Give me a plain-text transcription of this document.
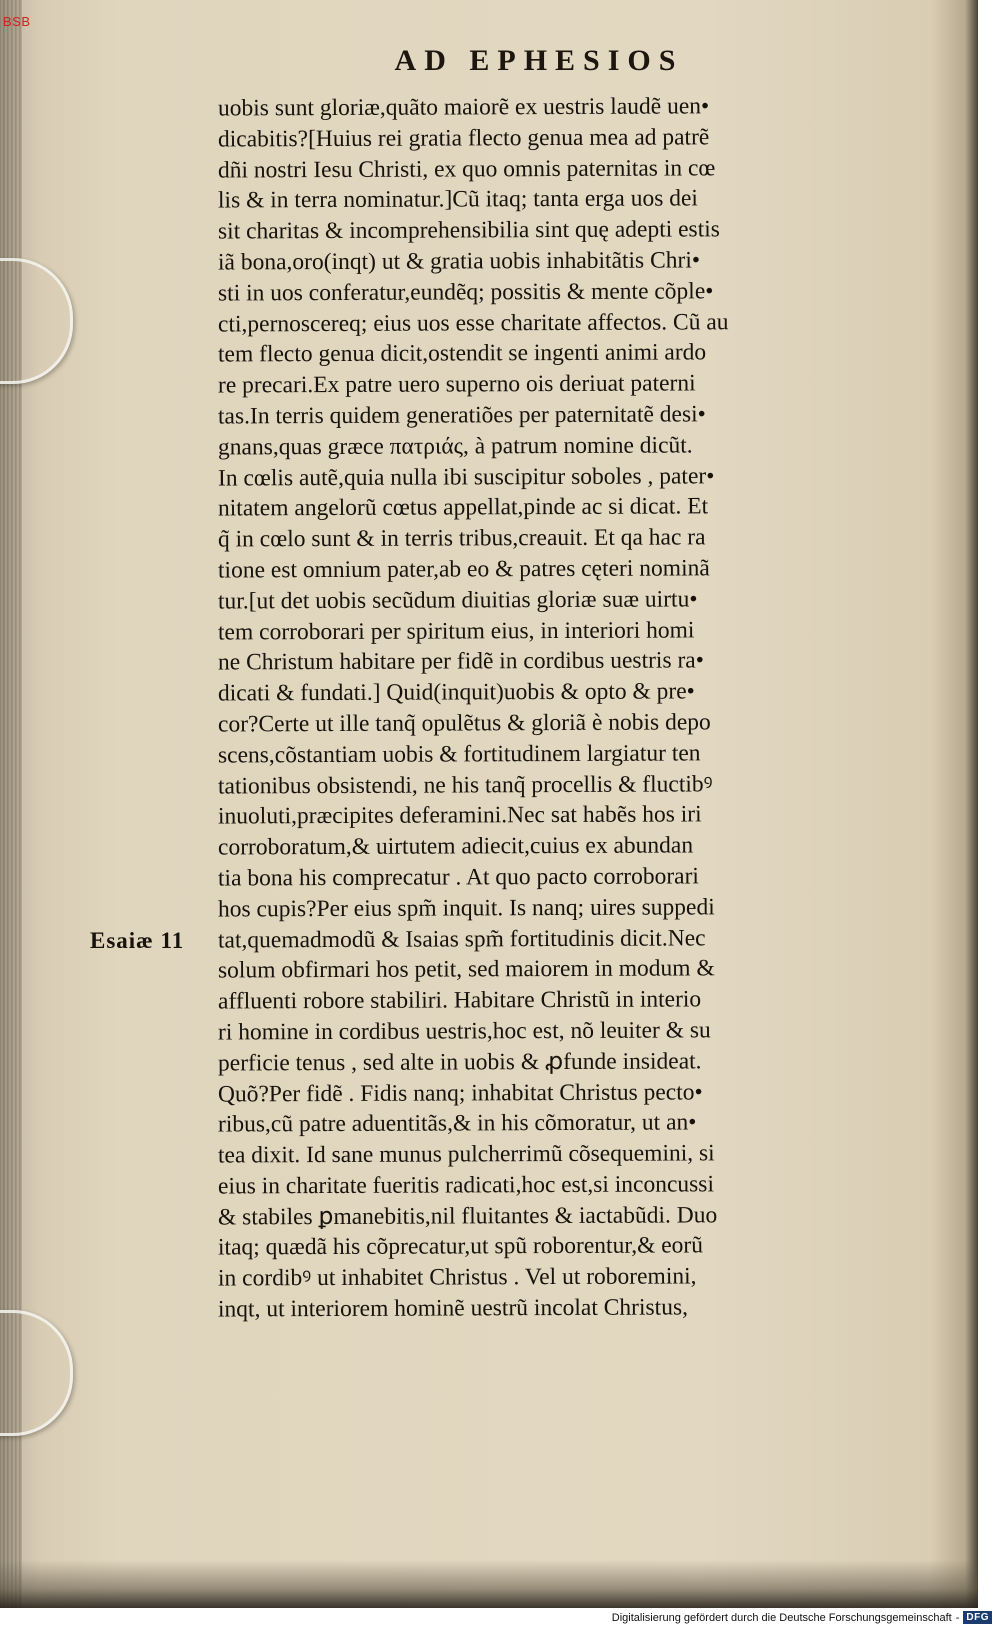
BSB
AD EPHESIOS
Esaiæ 11
uobis sunt gloriæ,quãto maiorẽ ex uestris laudẽ uen•
dicabitis?[Huius rei gratia flecto genua mea ad patrẽ
dñi nostri Iesu Christi, ex quo omnis paternitas in cœ
lis & in terra nominatur.]Cũ itaq; tanta erga uos dei
sit charitas & incomprehensibilia sint quę adepti estis
iã bona,oro(inqt) ut & gratia uobis inhabitãtis Chri•
sti in uos conferatur,eundẽq; possitis & mente cõple•
cti,pernoscereq; eius uos esse charitate affectos. Cũ au
tem flecto genua dicit,ostendit se ingenti animi ardo
re precari.Ex patre uero superno ois deriuat paterni
tas.In terris quidem generatiões per paternitatẽ desi•
gnans,quas græce πατριάς, à patrum nomine dicũt.
In cœlis autẽ,quia nulla ibi suscipitur soboles , pater•
nitatem angelorũ cœtus appellat,pinde ac si dicat. Et
q̃ in cœlo sunt & in terris tribus,creauit. Et qa hac ra
tione est omnium pater,ab eo & patres cęteri nominã
tur.[ut det uobis secũdum diuitias gloriæ suæ uirtu•
tem corroborari per spiritum eius, in interiori homi
ne Christum habitare per fidẽ in cordibus uestris ra•
dicati & fundati.] Quid(inquit)uobis & opto & pre•
cor?Certe ut ille tanq̃ opulẽtus & gloriã è nobis depo
scens,cõstantiam uobis & fortitudinem largiatur ten
tationibus obsistendi, ne his tanq̃ procellis & fluctibꝰ
inuoluti,præcipites deferamini.Nec sat habẽs hos iri
corroboratum,& uirtutem adiecit,cuius ex abundan
tia bona his comprecatur . At quo pacto corroborari
hos cupis?Per eius spm̃ inquit. Is nanq; uires suppedi
tat,quemadmodũ & Isaias spm̃ fortitudinis dicit.Nec
solum obfirmari hos petit, sed maiorem in modum &
affluenti robore stabiliri. Habitare Christũ in interio
ri homine in cordibus uestris,hoc est, nõ leuiter & su
perficie tenus , sed alte in uobis & ꝓfunde insideat.
Quõ?Per fidẽ . Fidis nanq; inhabitat Christus pecto•
ribus,cũ patre aduentitãs,& in his cõmoratur, ut an•
tea dixit. Id sane munus pulcherrimũ cõsequemini, si
eius in charitate fueritis radicati,hoc est,si inconcussi
& stabiles ꝑmanebitis,nil fluitantes & iactabũdi. Duo
itaq; quædã his cõprecatur,ut spũ roborentur,& eorũ
in cordibꝰ ut inhabitet Christus . Vel ut roboremini,
inqt, ut interiorem hominẽ uestrũ incolat Christus,
Digitalisierung gefördert durch die Deutsche Forschungsgemeinschaft - DFG
